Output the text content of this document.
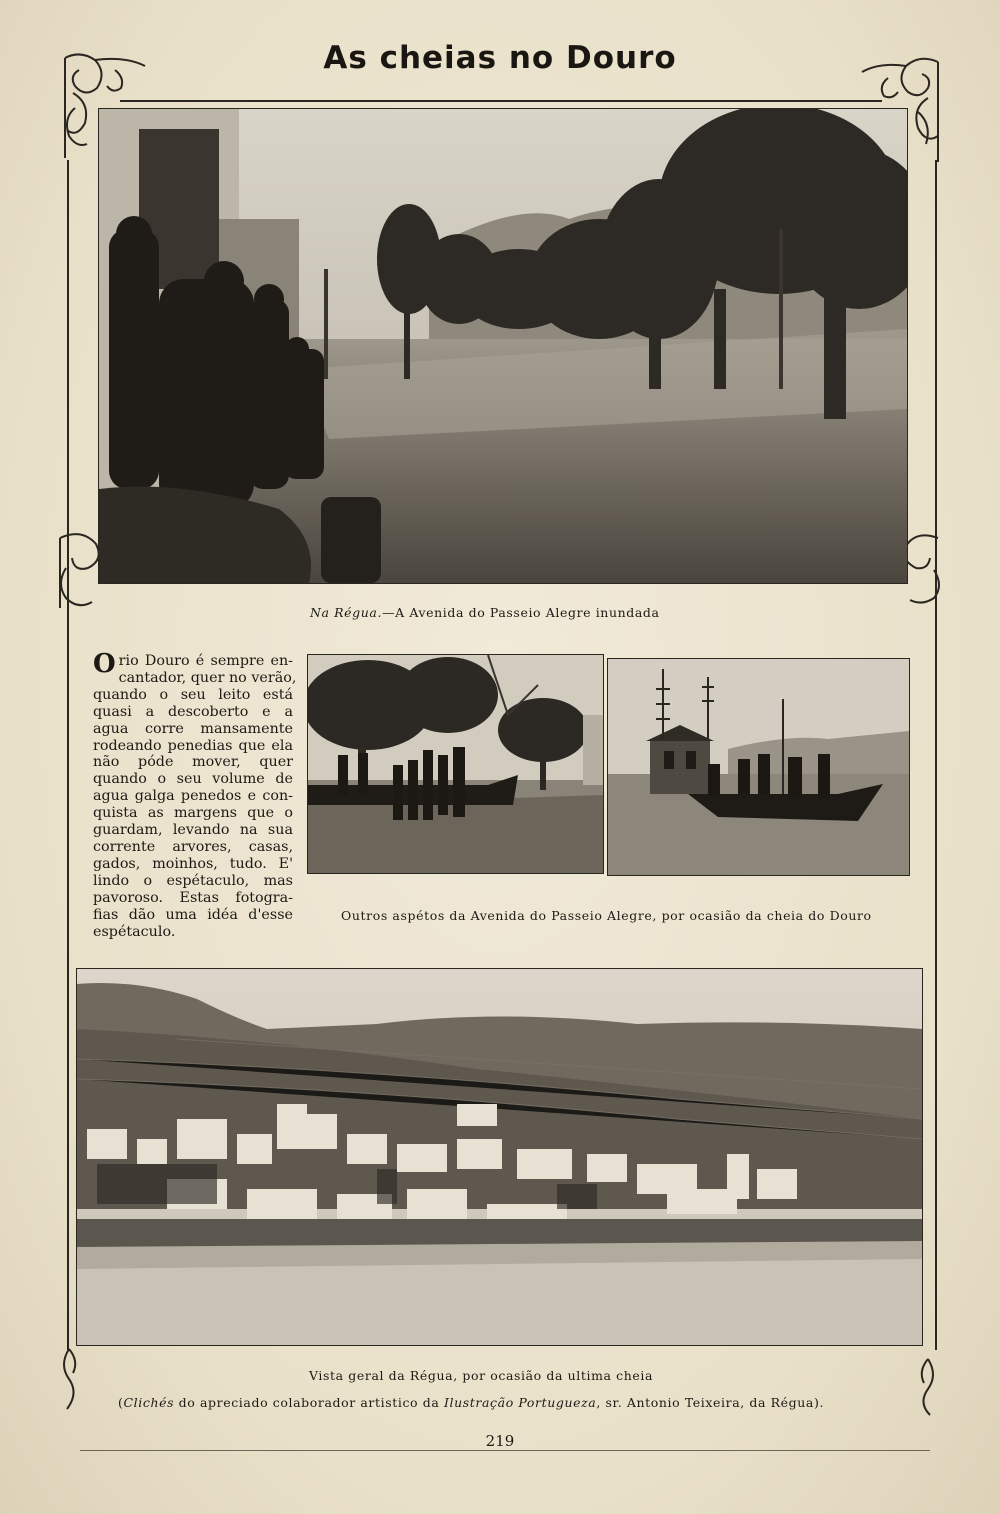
As cheias no Douro
Na Régua.—A Avenida do Passeio Alegre inundada
O rio Douro é sempre en-
cantador, quer no verão,
quando o seu leito está
quasi a descoberto e a
agua corre mansamente
rodeando penedias que ela
não póde mover, quer
quando o seu volume de
agua galga penedos e con-
quista as margens que o
guardam, levando na sua
corrente arvores, casas,
gados, moinhos, tudo. E'
lindo o espétaculo, mas
pavoroso. Estas fotogra-
fias dão uma idéa d'esse
espétaculo.
Outros aspétos da Avenida do Passeio Alegre, por ocasião da cheia do Douro
Vista geral da Régua, por ocasião da ultima cheia
(Clichés do apreciado colaborador artistico da Ilustração Portugueza, sr. Antonio Teixeira, da Régua).
219
